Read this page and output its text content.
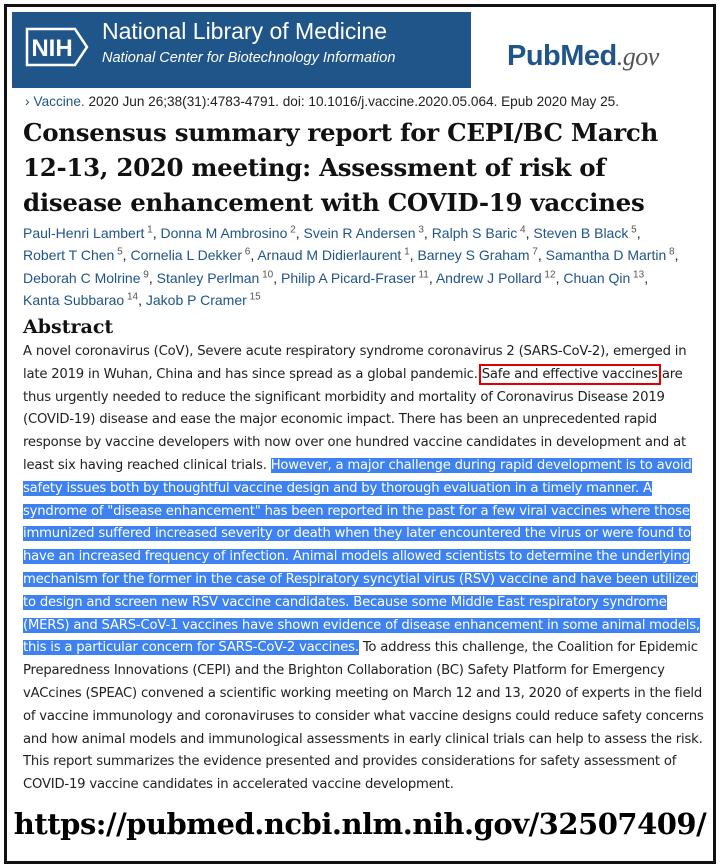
NIH
National Library of Medicine
National Center for Biotechnology Information	PubMed.gov
› Vaccine. 2020 Jun 26;38(31):4783-4791. doi: 10.1016/j.vaccine.2020.05.064. Epub 2020 May 25.
Consensus summary report for CEPI/BC March 12-13, 2020 meeting: Assessment of risk of disease enhancement with COVID-19 vaccines
Paul-Henri Lambert $^1$, Donna M Ambrosino $^2$, Svein R Andersen $^3$, Ralph S Baric $^4$, Steven B Black $^5$, Robert T Chen $^5$, Cornelia L Dekker $^6$, Arnaud M Didierlaurent $^1$, Barney S Graham $^7$, Samantha D Martin $^8$, Deborah C Molrine $^9$, Stanley Perlman $^{10}$, Philip A Picard-Fraser $^{11}$, Andrew J Pollard $^{12}$, Chuan Qin $^{13}$, Kanta Subbarao $^{14}$, Jakob P Cramer $^{15}$
Abstract
A novel coronavirus (CoV), Severe acute respiratory syndrome coronavirus 2 (SARS-CoV-2), emerged in late 2019 in Wuhan, China and has since spread as a global pandemic. Safe and effective vaccines are thus urgently needed to reduce the significant morbidity and mortality of Coronavirus Disease 2019 (COVID-19) disease and ease the major economic impact. There has been an unprecedented rapid response by vaccine developers with now over one hundred vaccine candidates in development and at least six having reached clinical trials. However, a major challenge during rapid development is to avoid safety issues both by thoughtful vaccine design and by thorough evaluation in a timely manner. A syndrome of "disease enhancement" has been reported in the past for a few viral vaccines where those immunized suffered increased severity or death when they later encountered the virus or were found to have an increased frequency of infection. Animal models allowed scientists to determine the underlying mechanism for the former in the case of Respiratory syncytial virus (RSV) vaccine and have been utilized to design and screen new RSV vaccine candidates. Because some Middle East respiratory syndrome (MERS) and SARS-CoV-1 vaccines have shown evidence of disease enhancement in some animal models, this is a particular concern for SARS-CoV-2 vaccines. To address this challenge, the Coalition for Epidemic Preparedness Innovations (CEPI) and the Brighton Collaboration (BC) Safety Platform for Emergency vACcines (SPEAC) convened a scientific working meeting on March 12 and 13, 2020 of experts in the field of vaccine immunology and coronaviruses to consider what vaccine designs could reduce safety concerns and how animal models and immunological assessments in early clinical trials can help to assess the risk. This report summarizes the evidence presented and provides considerations for safety assessment of COVID-19 vaccine candidates in accelerated vaccine development.
https://pubmed.ncbi.nlm.nih.gov/32507409/
